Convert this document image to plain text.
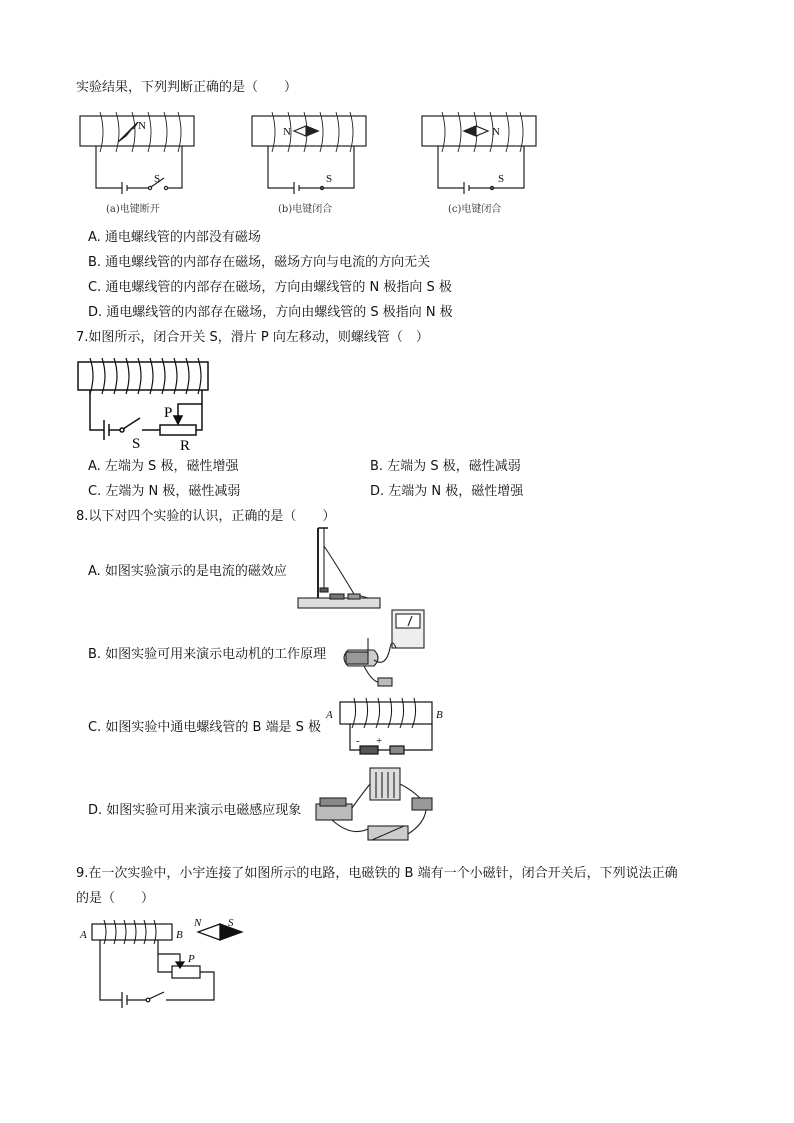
实验结果，下列判断正确的是（　　）
N
S
(a)电键断开
N
S
(b)电键闭合
N
S
(c)电键闭合
A. 通电螺线管的内部没有磁场
B. 通电螺线管的内部存在磁场，磁场方向与电流的方向无关
C. 通电螺线管的内部存在磁场，方向由螺线管的 N 极指向 S 极
D. 通电螺线管的内部存在磁场，方向由螺线管的 S 极指向 N 极
7.如图所示，闭合开关 S，滑片 P 向左移动，则螺线管（　）
P
S	R
A. 左端为 S 极，磁性增强	B. 左端为 S 极，磁性减弱
C. 左端为 N 极，磁性减弱	D. 左端为 N 极，磁性增强
8.以下对四个实验的认识，正确的是（　　）
A. 如图实验演示的是电流的磁效应
B. 如图实验可用来演示电动机的工作原理
C. 如图实验中通电螺线管的 B 端是 S 极
A	B
- +
D. 如图实验可用来演示电磁感应现象
9.在一次实验中，小宇连接了如图所示的电路，电磁铁的 B 端有一个小磁针，闭合开关后，下列说法正确
的是（　　）
A	B
N S
P
